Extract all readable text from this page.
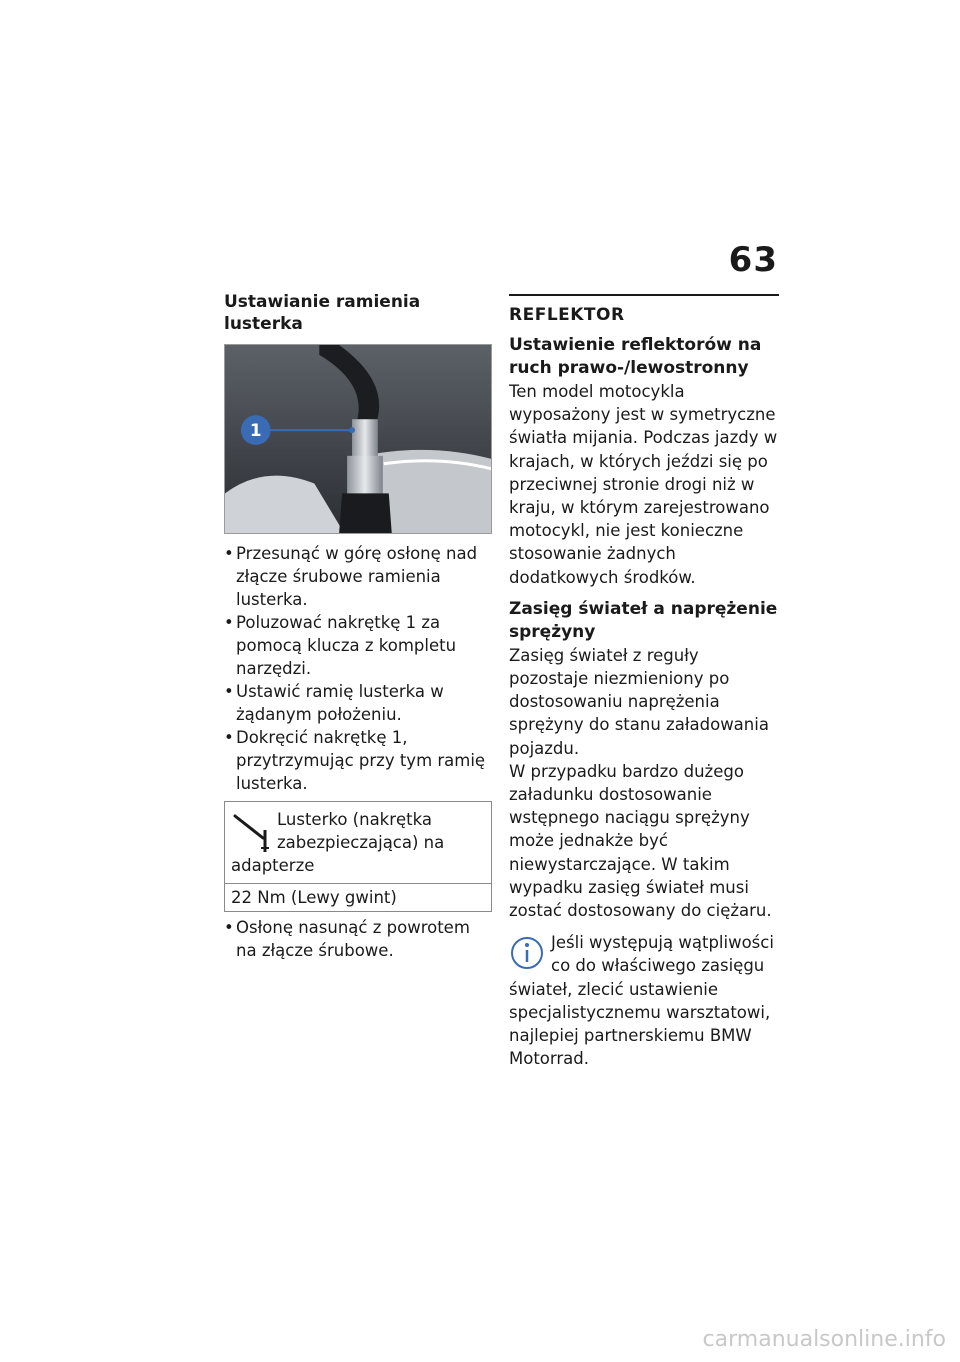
63
Ustawianie ramienia lusterka
1
• Przesunąć w górę osłonę nad złącze śrubowe ramienia lusterka.
• Poluzować nakrętkę 1 za pomocą klucza z kompletu narzędzi.
• Ustawić ramię lusterka w żądanym położeniu.
• Dokręcić nakrętkę 1, przytrzymując przy tym ramię lusterka.
Lusterko (nakrętka zabezpieczająca) na adapterze
22 Nm (Lewy gwint)
• Osłonę nasunąć z powrotem na złącze śrubowe.
REFLEKTOR
Ustawienie reflektorów na ruch prawo-/lewostronny

Ten model motocykla wyposażony jest w symetryczne światła mijania. Podczas jazdy w krajach, w których jeździ się po przeciwnej stronie drogi niż w kraju, w którym zarejestrowano motocykl, nie jest konieczne stosowanie żadnych dodatkowych środków.

Zasięg świateł a naprężenie sprężyny

Zasięg świateł z reguły pozostaje niezmieniony po dostosowaniu naprężenia sprężyny do stanu załadowania pojazdu.

W przypadku bardzo dużego załadunku dostosowanie wstępnego naciągu sprężyny może jednakże być niewystarczające. W takim wypadku zasięg świateł musi zostać dostosowany do ciężaru.

Jeśli występują wątpliwości co do właściwego zasięgu świateł, zlecić ustawienie specjalistycznemu warsztatowi, najlepiej partnerskiemu BMW Motorrad.
carmanualsonline.info
